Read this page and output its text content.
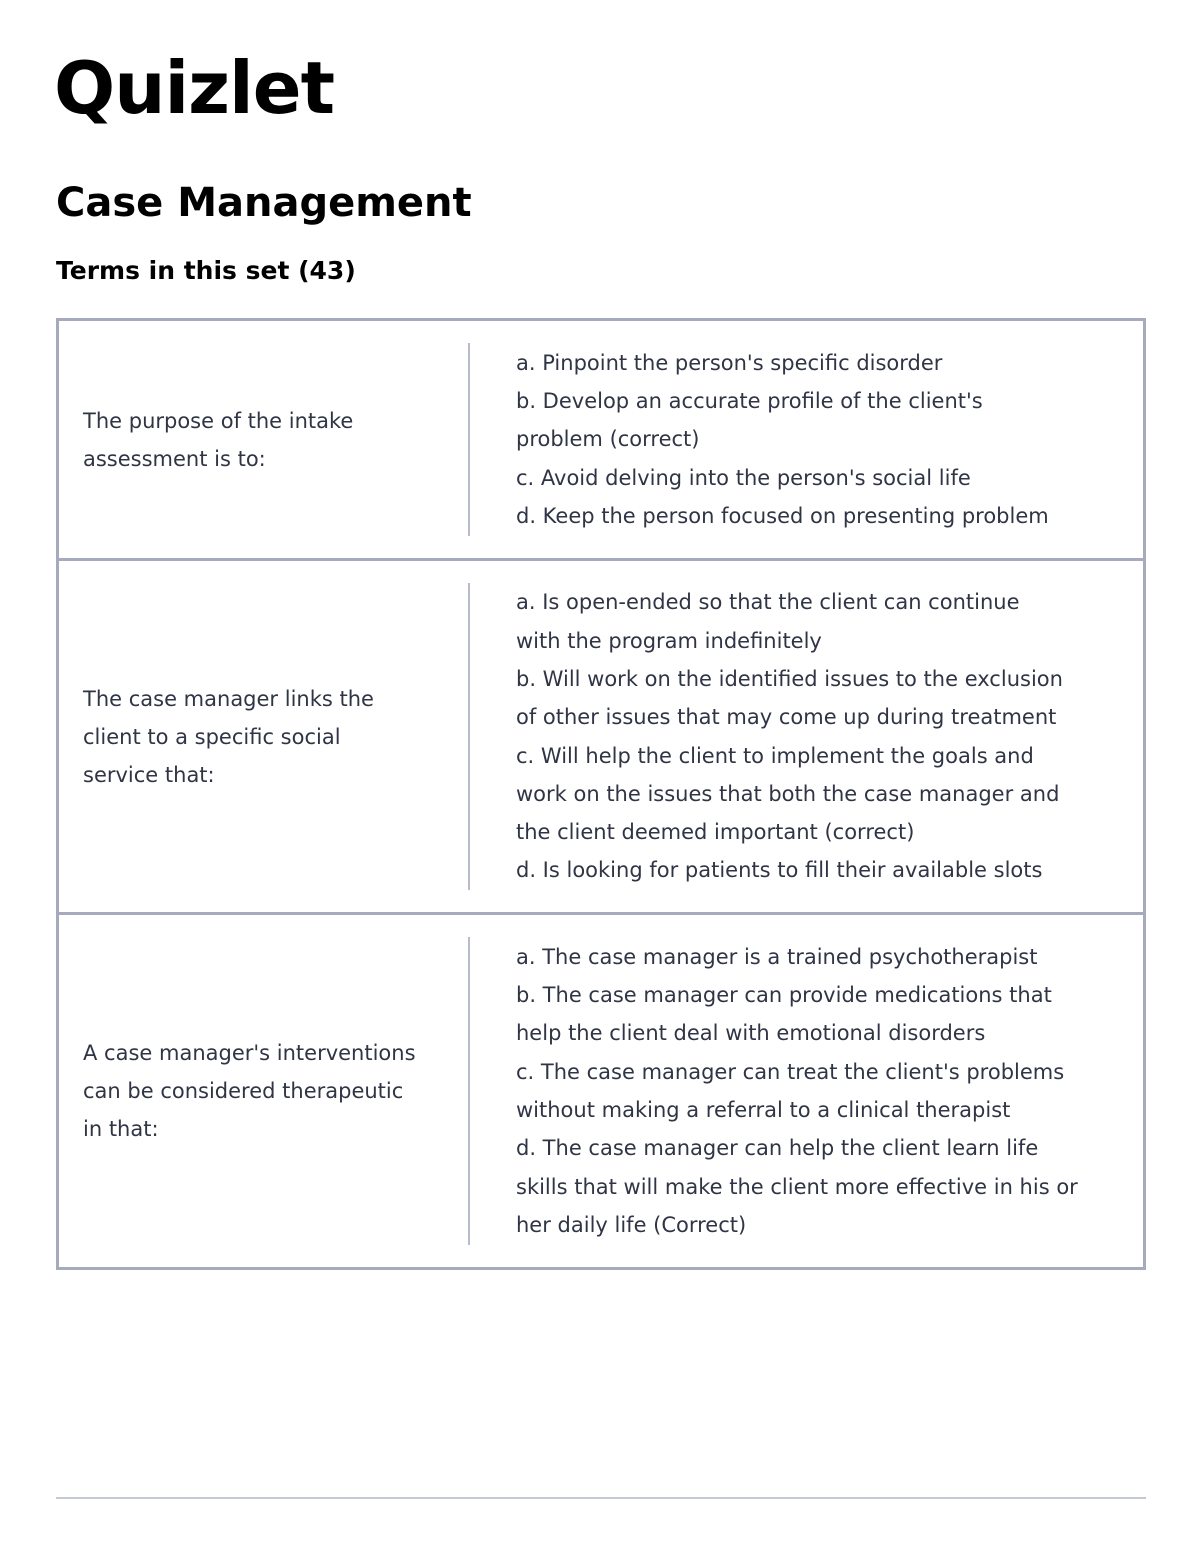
Quizlet
Case Management
Terms in this set (43)
The purpose of the intake
assessment is to:
a. Pinpoint the person's specific disorder
b. Develop an accurate profile of the client's
problem (correct)
c. Avoid delving into the person's social life
d. Keep the person focused on presenting problem
The case manager links the
client to a specific social
service that:
a. Is open-ended so that the client can continue
with the program indefinitely
b. Will work on the identified issues to the exclusion
of other issues that may come up during treatment
c. Will help the client to implement the goals and
work on the issues that both the case manager and
the client deemed important (correct)
d. Is looking for patients to fill their available slots
A case manager's interventions
can be considered therapeutic
in that:
a. The case manager is a trained psychotherapist
b. The case manager can provide medications that
help the client deal with emotional disorders
c. The case manager can treat the client's problems
without making a referral to a clinical therapist
d. The case manager can help the client learn life
skills that will make the client more effective in his or
her daily life (Correct)
